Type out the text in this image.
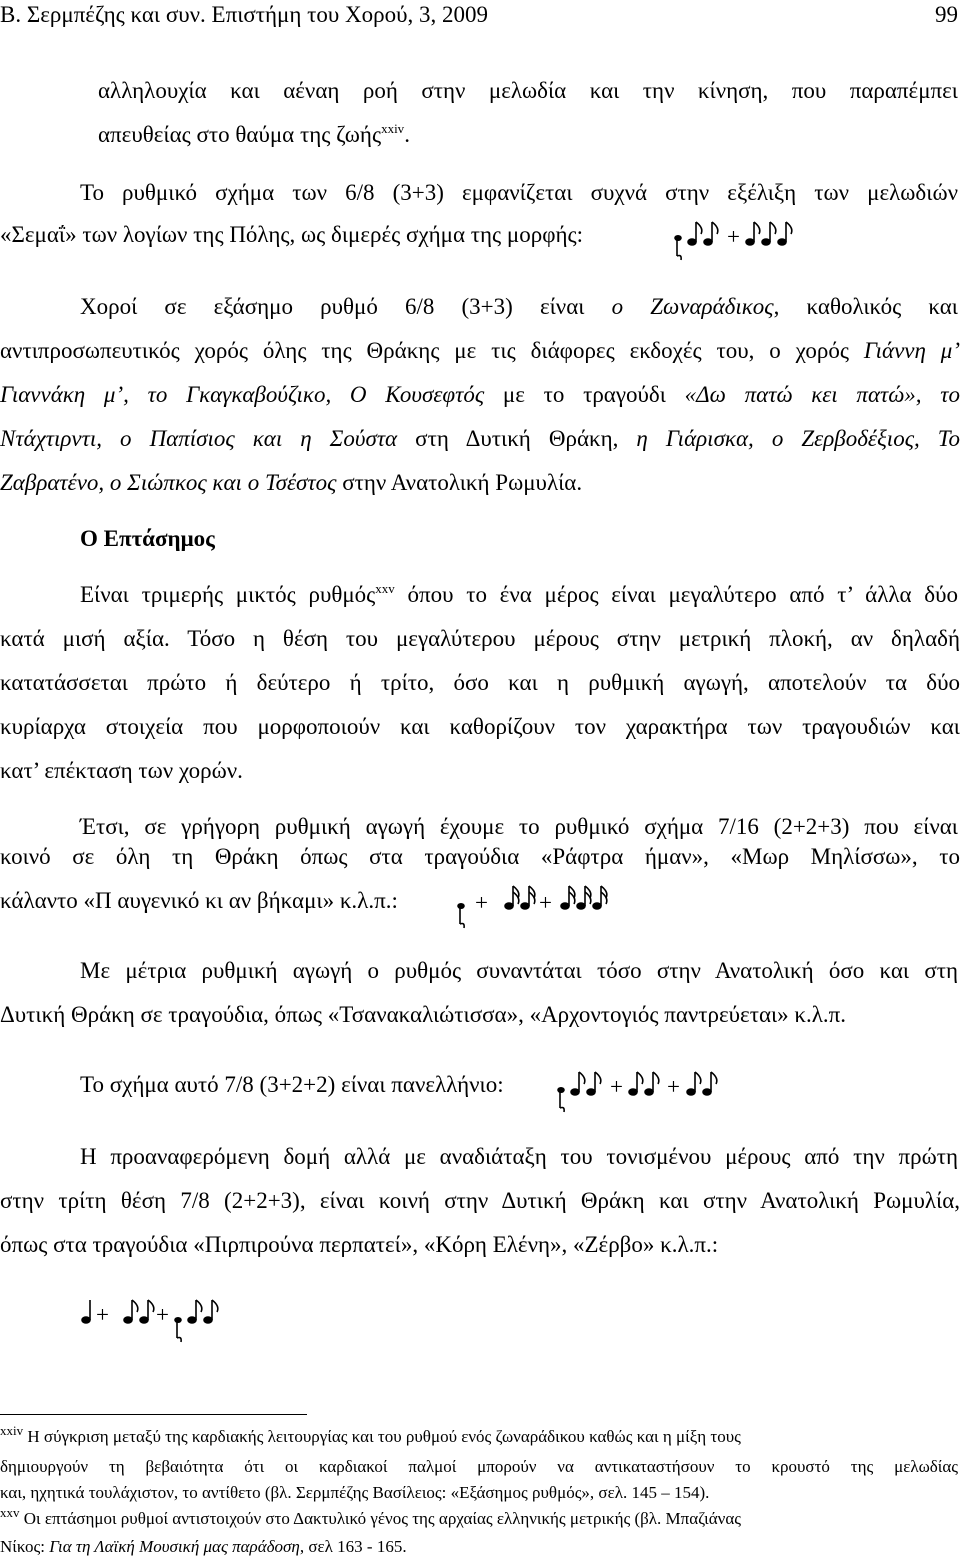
Β. Σερμπέζης και συν. Επιστήμη του Χορού, 3, 2009	99
αλληλουχία και αέναη ροή στην μελωδία και την κίνηση, που παραπέμπει
απευθείας στο θαύμα της ζωής$^{xxiv}$.
Το ρυθμικό σχήμα των 6/8 (3+3) εμφανίζεται συχνά στην εξέλιξη των μελωδιών
«Σεμαΐ» των λογίων της Πόλης, ως διμερές σχήμα της μορφής:	+
Χοροί σε εξάσημο ρυθμό 6/8 (3+3) είναι ο Ζωναράδικος, καθολικός και
αντιπροσωπευτικός χορός όλης της Θράκης με τις διάφορες εκδοχές του, ο χορός Γιάννη μ’
Γιαννάκη μ’, το Γκαγκαβούζικο, Ο Κουσεφτός με το τραγούδι «Δω πατώ κει πατώ», το
Ντάχτιρντι, ο Παπίσιος και η Σούστα στη Δυτική Θράκη, η Γιάρισκα, ο Ζερβοδέξιος, Το
Ζαβρατένο, ο Σιώπκος και ο Τσέστος στην Ανατολική Ρωμυλία.
Ο Επτάσημος
Είναι τριμερής μικτός ρυθμός$^{xxv}$ όπου το ένα μέρος είναι μεγαλύτερο από τ’ άλλα δύο
κατά μισή αξία. Τόσο η θέση του μεγαλύτερου μέρους στην μετρική πλοκή, αν δηλαδή
κατατάσσεται πρώτο ή δεύτερο ή τρίτο, όσο και η ρυθμική αγωγή, αποτελούν τα δύο
κυρίαρχα στοιχεία που μορφοποιούν και καθορίζουν τον χαρακτήρα των τραγουδιών και
κατ’ επέκταση των χορών.
Έτσι, σε γρήγορη ρυθμική αγωγή έχουμε το ρυθμικό σχήμα 7/16 (2+2+3) που είναι
κοινό σε όλη τη Θράκη όπως στα τραγούδια «Ράφτρα ήμαν», «Μωρ Μηλίσσω», το
κάλαντο «Π αυγενικό κι αν βήκαμι» κ.λ.π.:	+ +
Με μέτρια ρυθμική αγωγή ο ρυθμός συναντάται τόσο στην Ανατολική όσο και στη
Δυτική Θράκη σε τραγούδια, όπως «Τσανακαλιώτισσα», «Αρχοντογιός παντρεύεται» κ.λ.π.
Το σχήμα αυτό 7/8 (3+2+2) είναι πανελλήνιο:	+ +
Η προαναφερόμενη δομή αλλά με αναδιάταξη του τονισμένου μέρους από την πρώτη
στην τρίτη θέση 7/8 (2+2+3), είναι κοινή στην Δυτική Θράκη και στην Ανατολική Ρωμυλία,
όπως στα τραγούδια «Πιρπιρούνα περπατεί», «Κόρη Ελένη», «Ζέρβο» κ.λ.π.:
+ +
$^{xxiv}$ Η σύγκριση μεταξύ της καρδιακής λειτουργίας και του ρυθμού ενός ζωναράδικου καθώς και η μίξη τους
δημιουργούν τη βεβαιότητα ότι οι καρδιακοί παλμοί μπορούν να αντικαταστήσουν το κρουστό της μελωδίας
και, ηχητικά τουλάχιστον, το αντίθετο (βλ. Σερμπέζης Βασίλειος: «Εξάσημος ρυθμός», σελ. 145 – 154).
$^{xxv}$ Οι επτάσημοι ρυθμοί αντιστοιχούν στο Δακτυλικό γένος της αρχαίας ελληνικής μετρικής (βλ. Μπαζιάνας
Νίκος: Για τη Λαϊκή Μουσική μας παράδοση, σελ 163 - 165.
